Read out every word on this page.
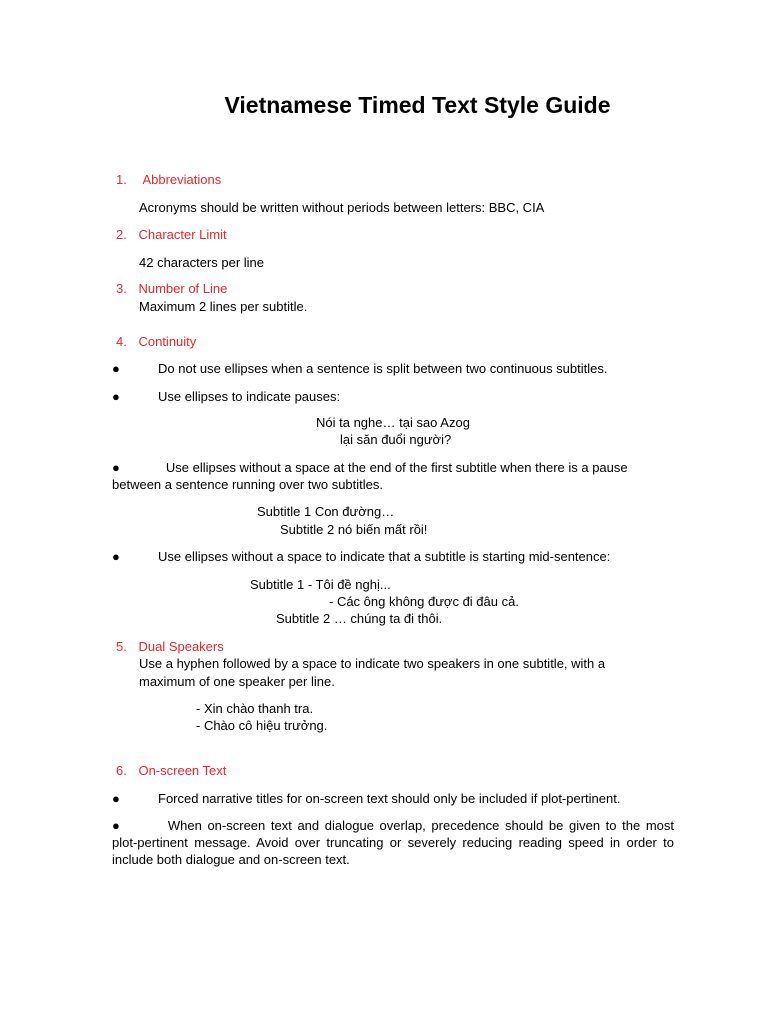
Vietnamese Timed Text Style Guide
1. Abbreviations
Acronyms should be written without periods between letters: BBC, CIA
2. Character Limit
42 characters per line
3. Number of Line
Maximum 2 lines per subtitle.
4. Continuity
●	Do not use ellipses when a sentence is split between two continuous subtitles.
●	Use ellipses to indicate pauses:
Nói ta nghe… tại sao Azog
lại săn đuổi người?
●	Use ellipses without a space at the end of the first subtitle when there is a pause
between a sentence running over two subtitles.
Subtitle 1 Con đường…
Subtitle 2 nó biến mất rồi!
●	Use ellipses without a space to indicate that a subtitle is starting mid-sentence:
Subtitle 1 - Tôi đề nghị...
- Các ông không được đi đâu cả.
Subtitle 2 … chúng ta đi thôi.
5. Dual Speakers
Use a hyphen followed by a space to indicate two speakers in one subtitle, with a
maximum of one speaker per line.
- Xin chào thanh tra.
- Chào cô hiệu trưởng.
6. On-screen Text
●	Forced narrative titles for on-screen text should only be included if plot-pertinent.
●	When on-screen text and dialogue overlap, precedence should be given to the most plot-pertinent message. Avoid over truncating or severely reducing reading speed in order to include both dialogue and on-screen text.
